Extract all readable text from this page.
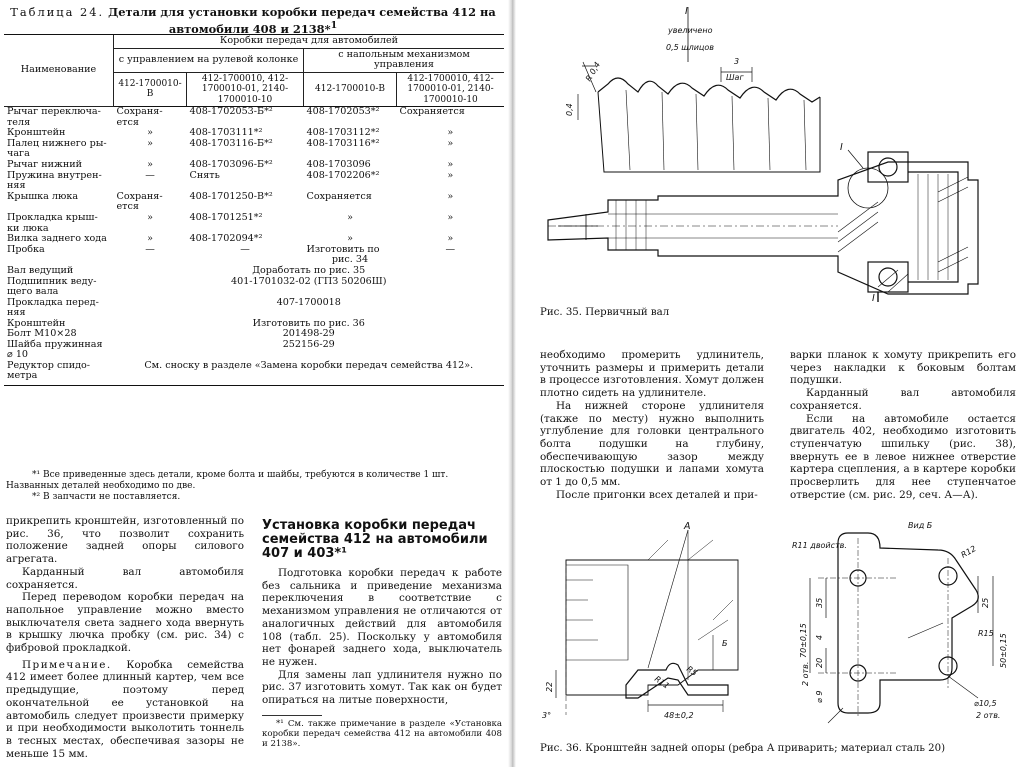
Таблица 24. Детали для установки коробки передач семейства 412 на автомобили 408 и 2138*$^1$
Наименование	Коробки передач для автомобилей			
	с управлением на рулевой колонке		с напольным механизмом управления	
	412-1700010-В	412-1700010, 412-1700010-01, 2140-1700010-10	412-1700010-В	412-1700010, 412-1700010-01, 2140-1700010-10
Рычаг переключа-	Сохраня-	408-1702053-Б*²	408-1702053*²	Сохраняется
теля	ется			
Кронштейн	»	408-1703111*²	408-1703112*²	»
Палец нижнего ры-	»	408-1703116-Б*²	408-1703116*²	»
чага				
Рычаг нижний	»	408-1703096-Б*²	408-1703096	»
Пружина внутрен-	—	Снять	408-1702206*²	»
няя				
Крышка люка	Сохраня-	408-1701250-В*²	Сохраняется	»
	ется			
Прокладка крыш-	»	408-1701251*²	»	»
ки люка				
Вилка заднего хода	»	408-1702094*²	»	»
Пробка	—	—	Изготовить по	—
			рис. 34	
Вал ведущий	Доработать по рис. 35			
Подшипник веду-
щего вала	401-1701032-02 (ГПЗ 50206Ш)			
Прокладка перед-
няя	407-1700018			
Кронштейн	Изготовить по рис. 36			
Болт М10×28	201498-29			
Шайба пружинная
⌀ 10	252156-29			
Редуктор спидо-
метра	См. сноску в разделе «Замена коробки передач семейства 412».			

*¹ Все приведенные здесь детали, кроме болта и шайбы, требуются в количестве 1 шт. Названных деталей необходимо по две.

*² В запчасти не поставляется.

прикрепить кронштейн, изготовленный по рис. 36, что позволит сохранить положение задней опоры силового агрегата.

Карданный вал автомобиля сохраняется.

Перед переводом коробки передач на напольное управление можно вместо выключателя света заднего хода ввернуть в крышку лючка пробку (см. рис. 34) с фибровой прокладкой.

Примечание. Коробка семейства 412 имеет более длинный картер, чем все предыдущие, поэтому перед окончательной ее установкой на автомобиль следует произвести примерку и при необходимости выколотить тоннель в тесных местах, обеспечивая зазоры не меньше 15 мм.

Установка коробки передач семейства 412 на автомобили 407 и 403*¹

Подготовка коробки передач к работе без сальника и приведение механизма переключения в соответствие с механизмом управления не отличаются от аналогичных действий для автомобиля 108 (табл. 25). Поскольку у автомобиля нет фонарей заднего хода, выключатель не нужен.

Для замены лап удлинителя нужно по рис. 37 изготовить хомут. Так как он будет опираться на литые поверхности,

*¹ См. также примечание в разделе «Установка коробки передач семейства 412 на автомобили 408 и 2138».

I
увеличено
0,5 шлицов
R 0,4
0,4
3
Шаг
I
I
Рис. 35. Первичный вал

необходимо промерить удлинитель, уточнить размеры и примерить детали в процессе изготовления. Хомут должен плотно сидеть на удлинителе.

На нижней стороне удлинителя (также по месту) нужно выполнить углубление для головки центрального болта подушки на глубину, обеспечивающую зазор между плоскостью подушки и лапами хомута от 1 до 0,5 мм.

После пригонки всех деталей и при-

варки планок к хомуту прикрепить его через накладки к боковым болтам подушки.

Карданный вал автомобиля сохраняется.

Если на автомобиле остается двигатель 402, необходимо изготовить ступенчатую шпильку (рис. 38), ввернуть ее в левое нижнее отверстие картера сцепления, а в картере коробки просверлить для нее ступенчатое отверстие (см. рис. 29, сеч. А—А).

А
Б
R11
R5
22
3°	48±0,2
Вид Б
R11 двойств.	R12
R15
35	25
70±0,15	50±0,15
4
20
⌀ 9
⌀10,5
2 отв.
2 отв.
Рис. 36. Кронштейн задней опоры (ребра А приварить; материал сталь 20)
